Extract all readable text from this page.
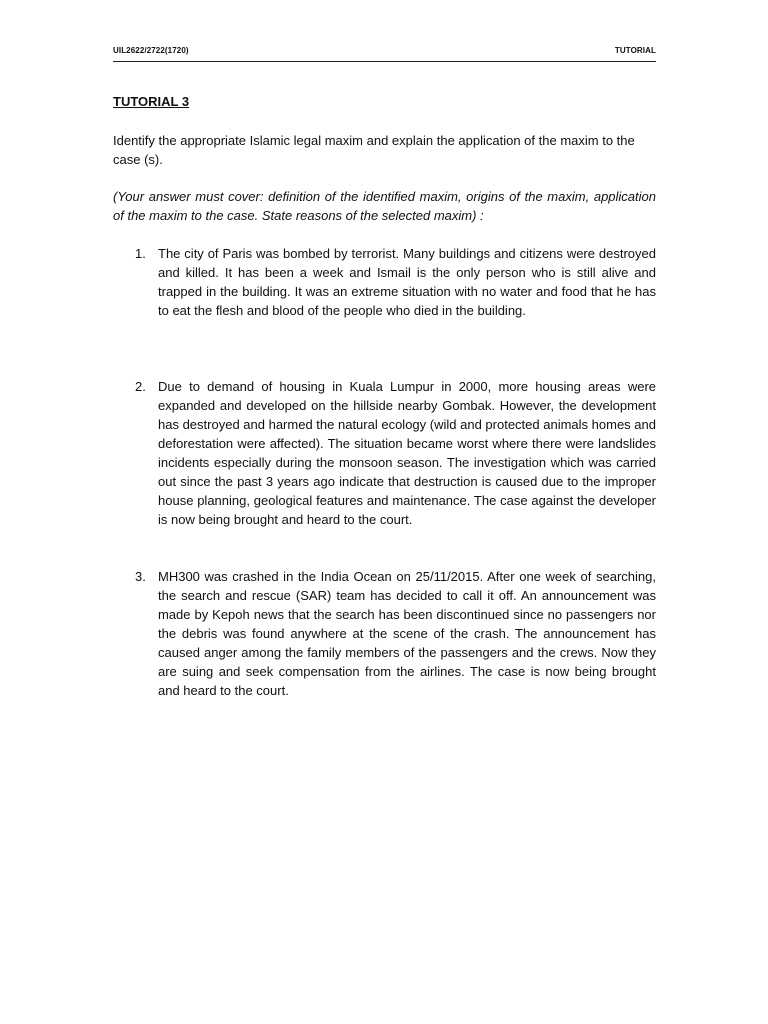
UIL2622/2722(1720)	TUTORIAL
TUTORIAL 3

Identify the appropriate Islamic legal maxim and explain the application of the maxim to the case (s).

(Your answer must cover: definition of the identified maxim, origins of the maxim, application of the maxim to the case. State reasons of the selected maxim) :

1. The city of Paris was bombed by terrorist. Many buildings and citizens were destroyed and killed. It has been a week and Ismail is the only person who is still alive and trapped in the building. It was an extreme situation with no water and food that he has to eat the flesh and blood of the people who died in the building.
2. Due to demand of housing in Kuala Lumpur in 2000, more housing areas were expanded and developed on the hillside nearby Gombak. However, the development has destroyed and harmed the natural ecology (wild and protected animals homes and deforestation were affected). The situation became worst where there were landslides incidents especially during the monsoon season. The investigation which was carried out since the past 3 years ago indicate that destruction is caused due to the improper house planning, geological features and maintenance. The case against the developer is now being brought and heard to the court.
3. MH300 was crashed in the India Ocean on 25/11/2015. After one week of searching, the search and rescue (SAR) team has decided to call it off. An announcement was made by Kepoh news that the search has been discontinued since no passengers nor the debris was found anywhere at the scene of the crash. The announcement has caused anger among the family members of the passengers and the crews. Now they are suing and seek compensation from the airlines. The case is now being brought and heard to the court.
